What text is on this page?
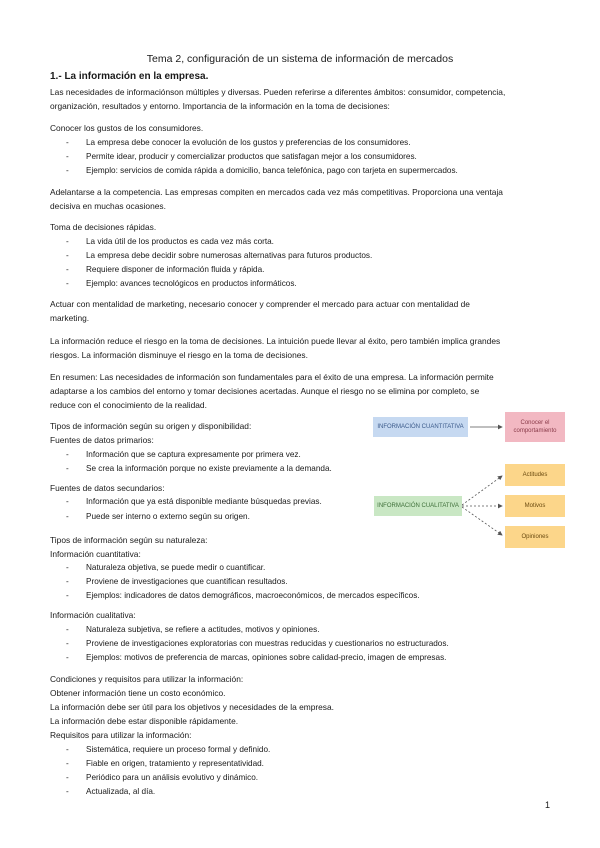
Tema 2, configuración de un sistema de información de mercados
1.- La información en la empresa.
Las necesidades de informaciónson múltiples y diversas. Pueden referirse a diferentes ámbitos: consumidor, competencia,
organización, resultados y entorno. Importancia de la información en la toma de decisiones:
Conocer los gustos de los consumidores.
- La empresa debe conocer la evolución de los gustos y preferencias de los consumidores.
- Permite idear, producir y comercializar productos que satisfagan mejor a los consumidores.
- Ejemplo: servicios de comida rápida a domicilio, banca telefónica, pago con tarjeta en supermercados.
Adelantarse a la competencia. Las empresas compiten en mercados cada vez más competitivas. Proporciona una ventaja
decisiva en muchas ocasiones.
Toma de decisiones rápidas.
- La vida útil de los productos es cada vez más corta.
- La empresa debe decidir sobre numerosas alternativas para futuros productos.
- Requiere disponer de información fluida y rápida.
- Ejemplo: avances tecnológicos en productos informáticos.
Actuar con mentalidad de marketing, necesario conocer y comprender el mercado para actuar con mentalidad de
marketing.
La información reduce el riesgo en la toma de decisiones. La intuición puede llevar al éxito, pero también implica grandes
riesgos. La información disminuye el riesgo en la toma de decisiones.
En resumen: Las necesidades de información son fundamentales para el éxito de una empresa. La información permite
adaptarse a los cambios del entorno y tomar decisiones acertadas. Aunque el riesgo no se elimina por completo, se
reduce con el conocimiento de la realidad.
Tipos de información según su origen y disponibilidad:
Fuentes de datos primarios:
- Información que se captura expresamente por primera vez.
- Se crea la información porque no existe previamente a la demanda.
Fuentes de datos secundarios:
- Información que ya está disponible mediante búsquedas previas.
- Puede ser interno o externo según su origen.
INFORMACIÓN CUANTITATIVA
Conocer el comportamiento
INFORMACIÓN CUALITATIVA
Actitudes
Motivos
Opiniones
Tipos de información según su naturaleza:
Información cuantitativa:
- Naturaleza objetiva, se puede medir o cuantificar.
- Proviene de investigaciones que cuantifican resultados.
- Ejemplos: indicadores de datos demográficos, macroeconómicos, de mercados específicos.
Información cualitativa:
- Naturaleza subjetiva, se refiere a actitudes, motivos y opiniones.
- Proviene de investigaciones exploratorias con muestras reducidas y cuestionarios no estructurados.
- Ejemplos: motivos de preferencia de marcas, opiniones sobre calidad-precio, imagen de empresas.
Condiciones y requisitos para utilizar la información:
Obtener información tiene un costo económico.
La información debe ser útil para los objetivos y necesidades de la empresa.
La información debe estar disponible rápidamente.
Requisitos para utilizar la información:
- Sistemática, requiere un proceso formal y definido.
- Fiable en origen, tratamiento y representatividad.
- Periódico para un análisis evolutivo y dinámico.
- Actualizada, al día.
1
